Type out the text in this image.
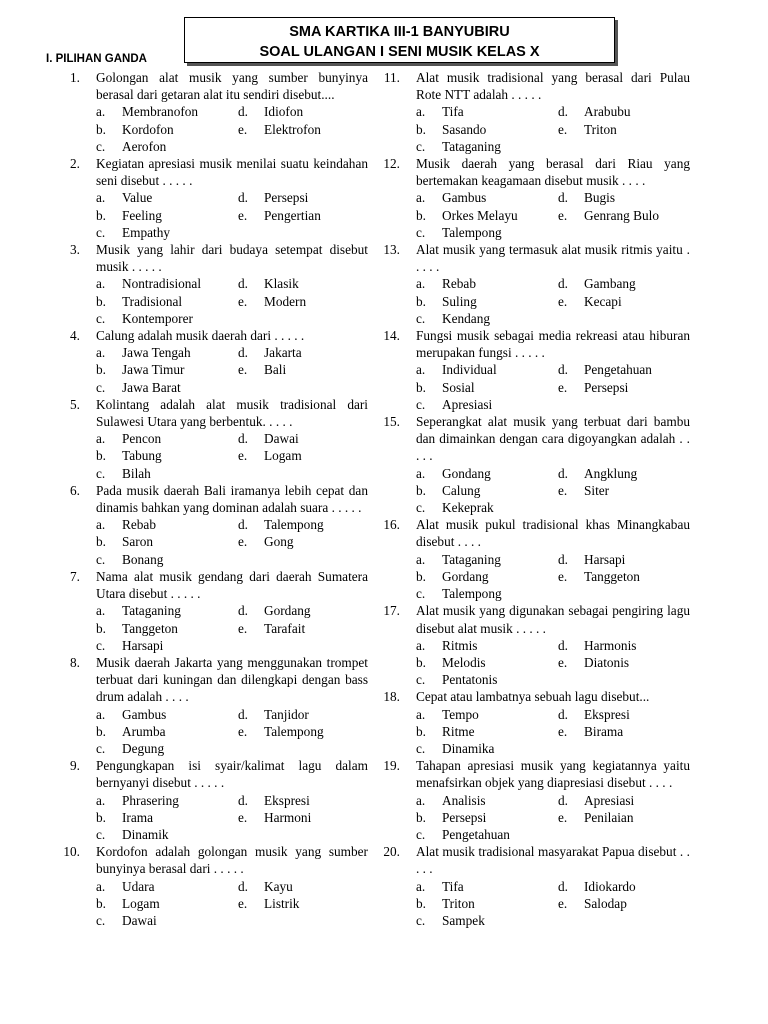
SMA KARTIKA III-1 BANYUBIRU
SOAL ULANGAN I SENI MUSIK KELAS X
I. PILIHAN GANDA
1. Golongan alat musik yang sumber bunyinya berasal dari getaran alat itu sendiri disebut....
a.	Membranofon	d.	Idiofon
b.	Kordofon	e.	Elektrofon
c.	Aerofon
2. Kegiatan apresiasi musik menilai suatu keindahan seni disebut . . . . .
a.	Value	d.	Persepsi
b.	Feeling	e.	Pengertian
c.	Empathy
3. Musik yang lahir dari budaya setempat disebut musik . . . . .
a.	Nontradisional	d.	Klasik
b.	Tradisional	e.	Modern
c.	Kontemporer
4. Calung adalah musik daerah dari . . . . .
a.	Jawa Tengah	d.	Jakarta
b.	Jawa Timur	e.	Bali
c.	Jawa Barat
5. Kolintang adalah alat musik tradisional dari Sulawesi Utara yang berbentuk. . . . .
a.	Pencon	d.	Dawai
b.	Tabung	e.	Logam
c.	Bilah
6. Pada musik daerah Bali iramanya lebih cepat dan dinamis bahkan yang dominan adalah suara . . . . .
a.	Rebab	d.	Talempong
b.	Saron	e.	Gong
c.	Bonang
7. Nama alat musik gendang dari daerah Sumatera Utara disebut . . . . .
a.	Tataganing	d.	Gordang
b.	Tanggeton	e.	Tarafait
c.	Harsapi
8. Musik daerah Jakarta yang menggunakan trompet terbuat dari kuningan dan dilengkapi dengan bass drum adalah . . . .
a.	Gambus	d.	Tanjidor
b.	Arumba	e.	Talempong
c.	Degung
9. Pengungkapan isi syair/kalimat lagu dalam bernyanyi disebut . . . . .
a.	Phrasering	d.	Ekspresi
b.	Irama	e.	Harmoni
c.	Dinamik
10. Kordofon adalah golongan musik yang sumber bunyinya berasal dari . . . . .
a.	Udara	d.	Kayu
b.	Logam	e.	Listrik
c.	Dawai
11. Alat musik tradisional yang berasal dari Pulau Rote NTT adalah . . . . .
a.	Tifa	d.	Arabubu
b.	Sasando	e.	Triton
c.	Tataganing
12. Musik daerah yang berasal dari Riau yang bertemakan keagamaan disebut musik . . . .
a.	Gambus	d.	Bugis
b.	Orkes Melayu	e.	Genrang Bulo
c.	Talempong
13. Alat musik yang termasuk alat musik ritmis yaitu . . . . .
a.	Rebab	d.	Gambang
b.	Suling	e.	Kecapi
c.	Kendang
14. Fungsi musik sebagai media rekreasi atau hiburan merupakan fungsi . . . . .
a.	Individual	d.	Pengetahuan
b.	Sosial	e.	Persepsi
c.	Apresiasi
15. Seperangkat alat musik yang terbuat dari bambu dan dimainkan dengan cara digoyangkan adalah . . . . .
a.	Gondang	d.	Angklung
b.	Calung	e.	Siter
c.	Kekeprak
16. Alat musik pukul tradisional khas Minangkabau disebut . . . .
a.	Tataganing	d.	Harsapi
b.	Gordang	e.	Tanggeton
c.	Talempong
17. Alat musik yang digunakan sebagai pengiring lagu disebut alat musik . . . . .
a.	Ritmis	d.	Harmonis
b.	Melodis	e.	Diatonis
c.	Pentatonis
18. Cepat atau lambatnya sebuah lagu disebut...
a.	Tempo	d.	Ekspresi
b.	Ritme	e.	Birama
c.	Dinamika
19. Tahapan apresiasi musik yang kegiatannya yaitu menafsirkan objek yang diapresiasi disebut . . . .
a.	Analisis	d.	Apresiasi
b.	Persepsi	e.	Penilaian
c.	Pengetahuan
20. Alat musik tradisional masyarakat Papua disebut . . . . .
a.	Tifa	d.	Idiokardo
b.	Triton	e.	Salodap
c.	Sampek
